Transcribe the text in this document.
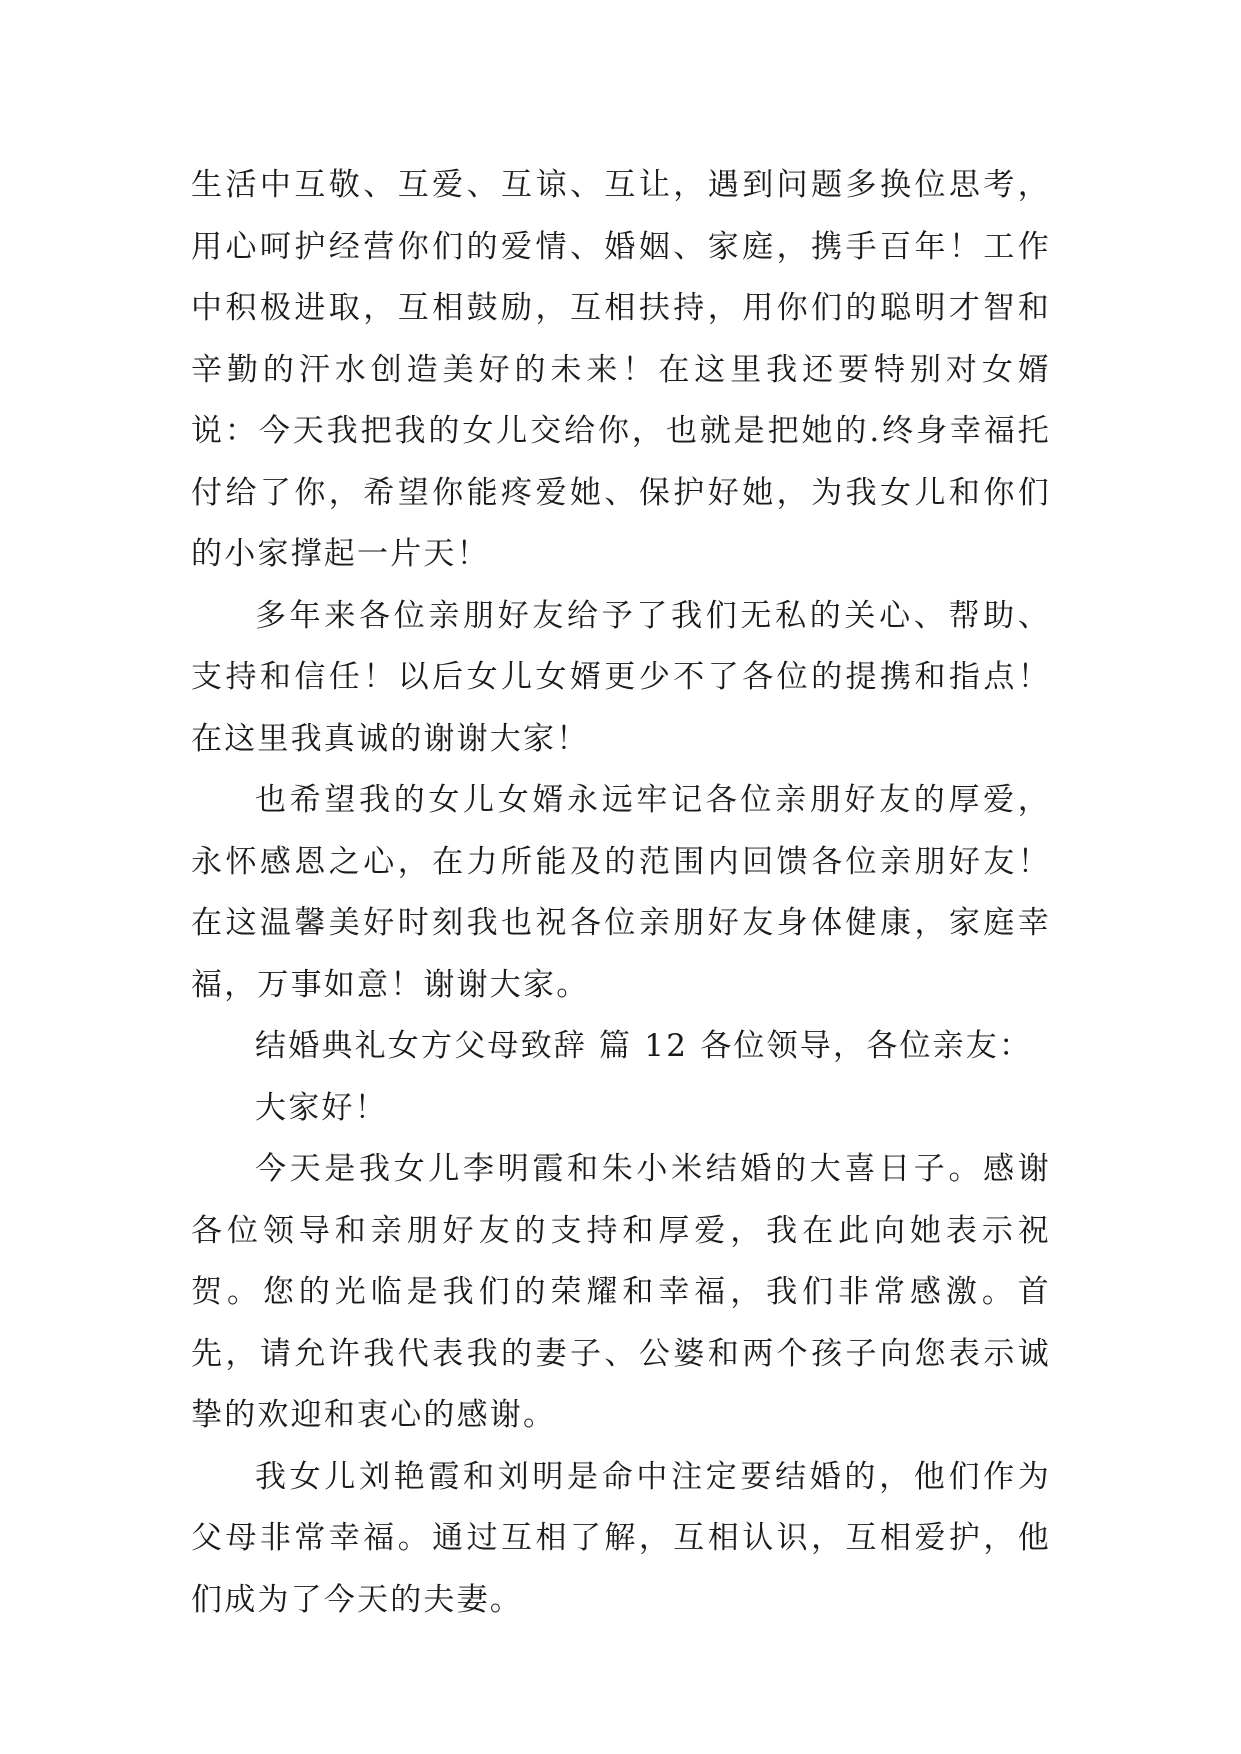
生活中互敬、互爱、互谅、互让，遇到问题多换位思考，用心呵护经营你们的爱情、婚姻、家庭，携手百年！工作中积极进取，互相鼓励，互相扶持，用你们的聪明才智和辛勤的汗水创造美好的未来！在这里我还要特别对女婿说：今天我把我的女儿交给你，也就是把她的.终身幸福托付给了你，希望你能疼爱她、保护好她，为我女儿和你们的小家撑起一片天！

多年来各位亲朋好友给予了我们无私的关心、帮助、支持和信任！以后女儿女婿更少不了各位的提携和指点！在这里我真诚的谢谢大家！

也希望我的女儿女婿永远牢记各位亲朋好友的厚爱，永怀感恩之心，在力所能及的范围内回馈各位亲朋好友！在这温馨美好时刻我也祝各位亲朋好友身体健康，家庭幸福，万事如意！谢谢大家。

结婚典礼女方父母致辞 篇 12 各位领导，各位亲友：

大家好！

今天是我女儿李明霞和朱小米结婚的大喜日子。感谢各位领导和亲朋好友的支持和厚爱，我在此向她表示祝贺。您的光临是我们的荣耀和幸福，我们非常感激。首先，请允许我代表我的妻子、公婆和两个孩子向您表示诚挚的欢迎和衷心的感谢。

我女儿刘艳霞和刘明是命中注定要结婚的，他们作为父母非常幸福。通过互相了解，互相认识，互相爱护，他们成为了今天的夫妻。
